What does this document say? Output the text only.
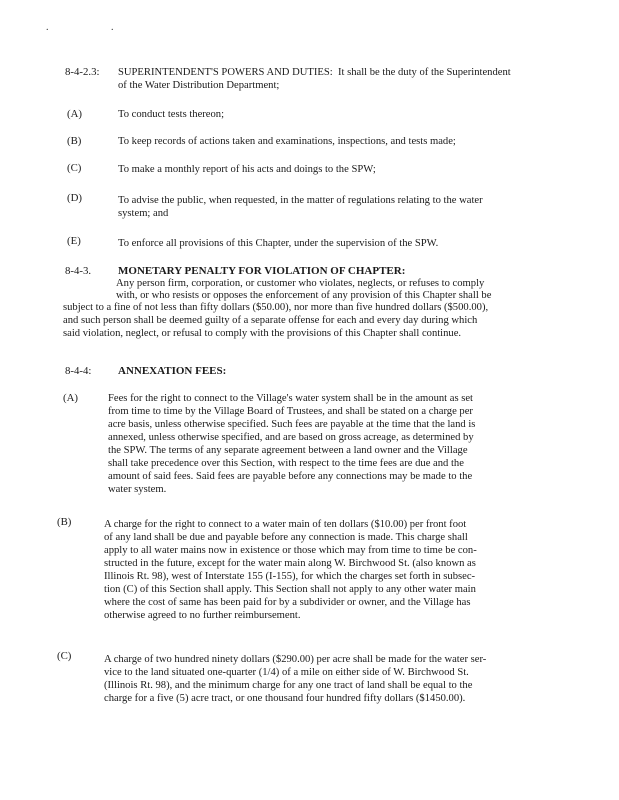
. .
8-4-2.3: SUPERINTENDENT'S POWERS AND DUTIES: It shall be the duty of the Superintendent
of the Water Distribution Department;
(A)	To conduct tests thereon;
(B)	To keep records of actions taken and examinations, inspections, and tests made;
(C)	To make a monthly report of his acts and doings to the SPW;
(D)	To advise the public, when requested, in the matter of regulations relating to the water
system; and
(E)	To enforce all provisions of this Chapter, under the supervision of the SPW.
8-4-3. MONETARY PENALTY FOR VIOLATION OF CHAPTER:
Any person firm, corporation, or customer who violates, neglects, or refuses to comply
with, or who resists or opposes the enforcement of any provision of this Chapter shall be
subject to a fine of not less than fifty dollars ($50.00), nor more than five hundred dollars ($500.00),
and such person shall be deemed guilty of a separate offense for each and every day during which
said violation, neglect, or refusal to comply with the provisions of this Chapter shall continue.
8-4-4: ANNEXATION FEES:
(A)	Fees for the right to connect to the Village's water system shall be in the amount as set
from time to time by the Village Board of Trustees, and shall be stated on a charge per
acre basis, unless otherwise specified. Such fees are payable at the time that the land is
annexed, unless otherwise specified, and are based on gross acreage, as determined by
the SPW. The terms of any separate agreement between a land owner and the Village
shall take precedence over this Section, with respect to the time fees are due and the
amount of said fees. Said fees are payable before any connections may be made to the
water system.
(B)	A charge for the right to connect to a water main of ten dollars ($10.00) per front foot
of any land shall be due and payable before any connection is made. This charge shall
apply to all water mains now in existence or those which may from time to time be con-
structed in the future, except for the water main along W. Birchwood St. (also known as
Illinois Rt. 98), west of Interstate 155 (I-155), for which the charges set forth in subsec-
tion (C) of this Section shall apply. This Section shall not apply to any other water main
where the cost of same has been paid for by a subdivider or owner, and the Village has
otherwise agreed to no further reimbursement.
(C)	A charge of two hundred ninety dollars ($290.00) per acre shall be made for the water ser-
vice to the land situated one-quarter (1/4) of a mile on either side of W. Birchwood St.
(Illinois Rt. 98), and the minimum charge for any one tract of land shall be equal to the
charge for a five (5) acre tract, or one thousand four hundred fifty dollars ($1450.00).
